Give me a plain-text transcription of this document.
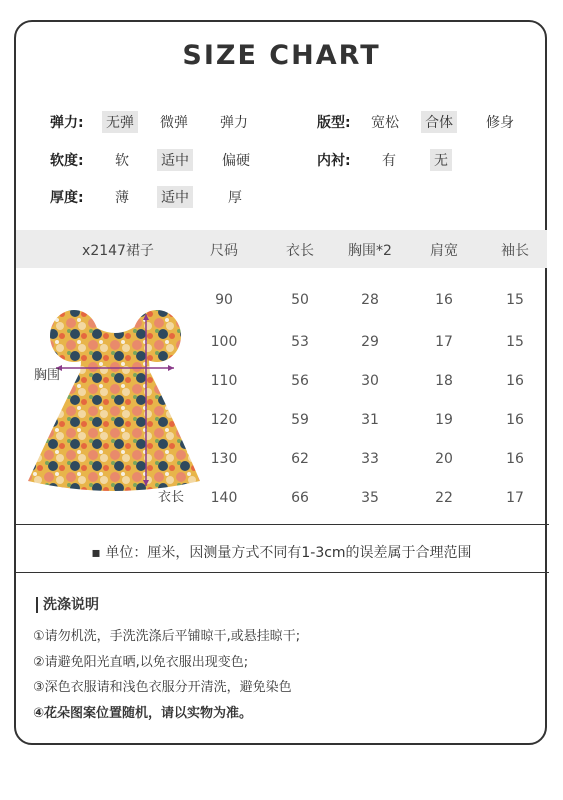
SIZE CHART
弹力: 无弹 微弹 弹力
软度: 软 适中 偏硬
厚度: 薄 适中	厚
版型: 宽松 合体 修身
内衬: 有	无
x2147裙子	尺码	衣长 胸围*2	肩宽	袖长
90	50	28	16	15
100	53	29	17	15
110	56	30	18	16
120	59	31	19	16
130	62	33	20	16
140	66	35	22	17
胸围
衣长
▪ 单位：厘米，因测量方式不同有1-3cm的误差属于合理范围
洗涤说明
①请勿机洗，手洗洗涤后平铺晾干,或悬挂晾干;
②请避免阳光直晒,以免衣服出现变色;
③深色衣服请和浅色衣服分开清洗，避免染色
④花朵图案位置随机，请以实物为准。
